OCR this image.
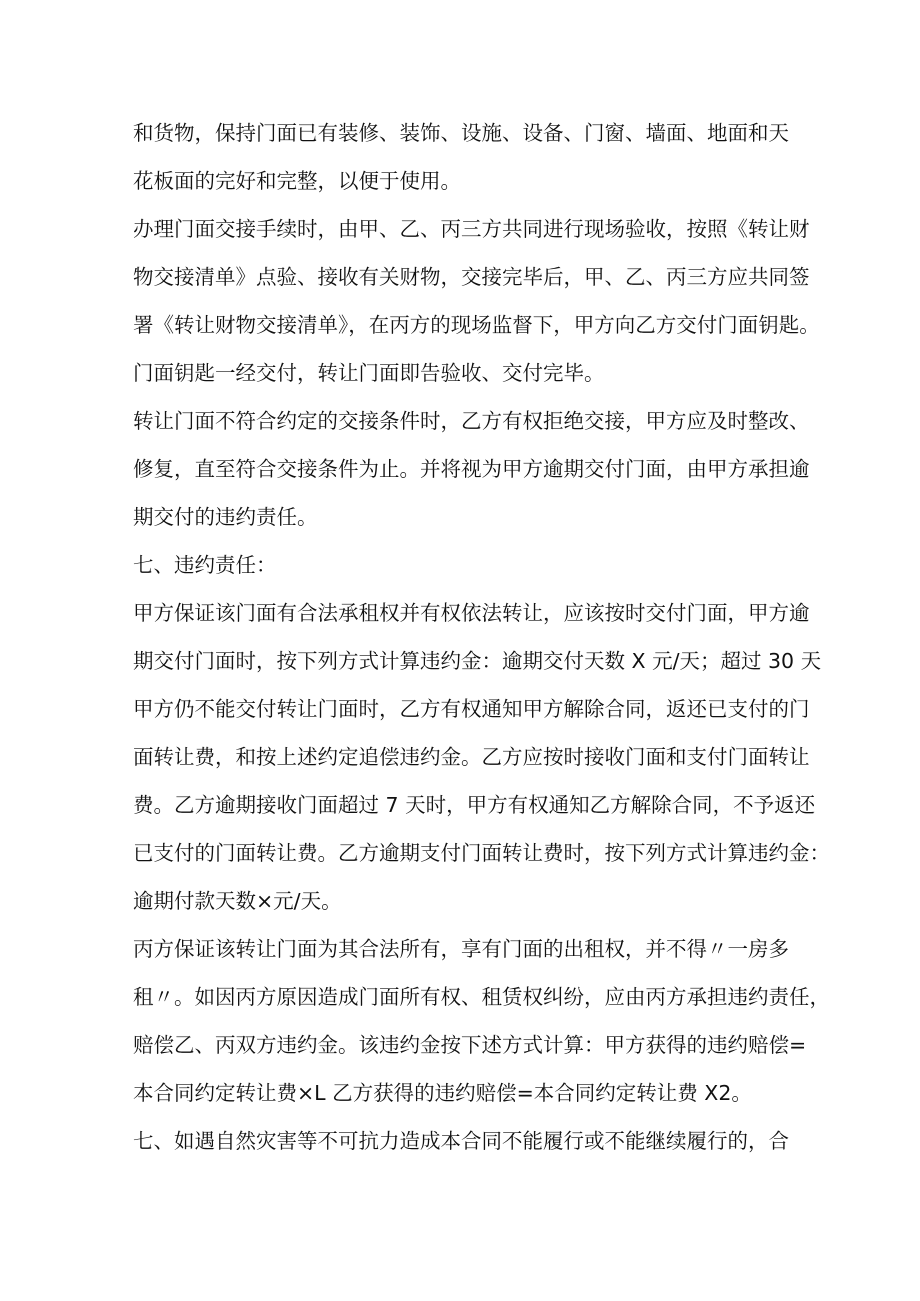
和货物，保持门面已有装修、装饰、设施、设备、门窗、墙面、地面和天
花板面的完好和完整，以便于使用。

办理门面交接手续时，由甲、乙、丙三方共同进行现场验收，按照《转让财
物交接清单》点验、接收有关财物，交接完毕后，甲、乙、丙三方应共同签
署《转让财物交接清单》，在丙方的现场监督下，甲方向乙方交付门面钥匙。
门面钥匙一经交付，转让门面即告验收、交付完毕。

转让门面不符合约定的交接条件时，乙方有权拒绝交接，甲方应及时整改、
修复，直至符合交接条件为止。并将视为甲方逾期交付门面，由甲方承担逾
期交付的违约责任。

七、违约责任：

甲方保证该门面有合法承租权并有权依法转让，应该按时交付门面，甲方逾
期交付门面时，按下列方式计算违约金：逾期交付天数 X 元/天；超过 30 天
甲方仍不能交付转让门面时，乙方有权通知甲方解除合同，返还已支付的门
面转让费，和按上述约定追偿违约金。乙方应按时接收门面和支付门面转让
费。乙方逾期接收门面超过 7 天时，甲方有权通知乙方解除合同，不予返还
已支付的门面转让费。乙方逾期支付门面转让费时，按下列方式计算违约金：
逾期付款天数×元/天。

丙方保证该转让门面为其合法所有，享有门面的出租权，并不得〃一房多
租〃。如因丙方原因造成门面所有权、租赁权纠纷，应由丙方承担违约责任，
赔偿乙、丙双方违约金。该违约金按下述方式计算：甲方获得的违约赔偿=
本合同约定转让费×L 乙方获得的违约赔偿=本合同约定转让费 X2。

七、如遇自然灾害等不可抗力造成本合同不能履行或不能继续履行的，合
